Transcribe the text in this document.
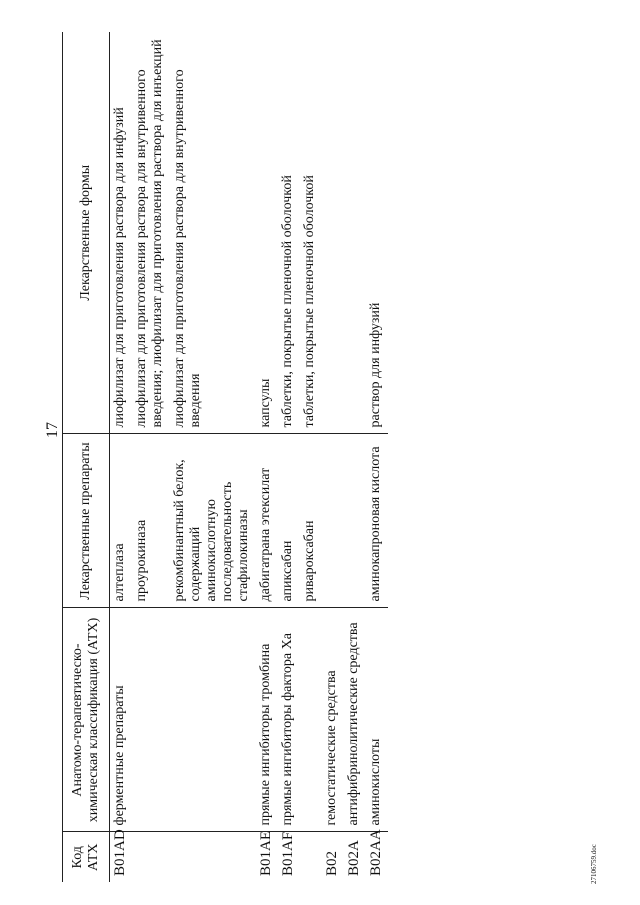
17
Код АТХ	Анатомо-терапевтическо-химическая классификация (АТХ)	Лекарственные препараты	Лекарственные формы
B01AD	ферментные препараты	алтеплаза	лиофилизат для приготовления раствора для инфузий
		проурокиназа	лиофилизат для приготовления раствора для внутривенного введения; лиофилизат для приготовления раствора для инъекций
		рекомбинантный белок, содержащий аминокислотную последовательность стафилокиназы	лиофилизат для приготовления раствора для внутривенного введения
B01AE	прямые ингибиторы тромбина	дабигатрана этексилат	капсулы
B01AF	прямые ингибиторы фактора Xa	апиксабан	таблетки, покрытые пленочной оболочкой
		ривароксабан	таблетки, покрытые пленочной оболочкой
B02	гемостатические средства		
B02A	антифибринолитические средства		
B02AA	аминокислоты	аминокапроновая кислота	раствор для инфузий
27106759.doc
